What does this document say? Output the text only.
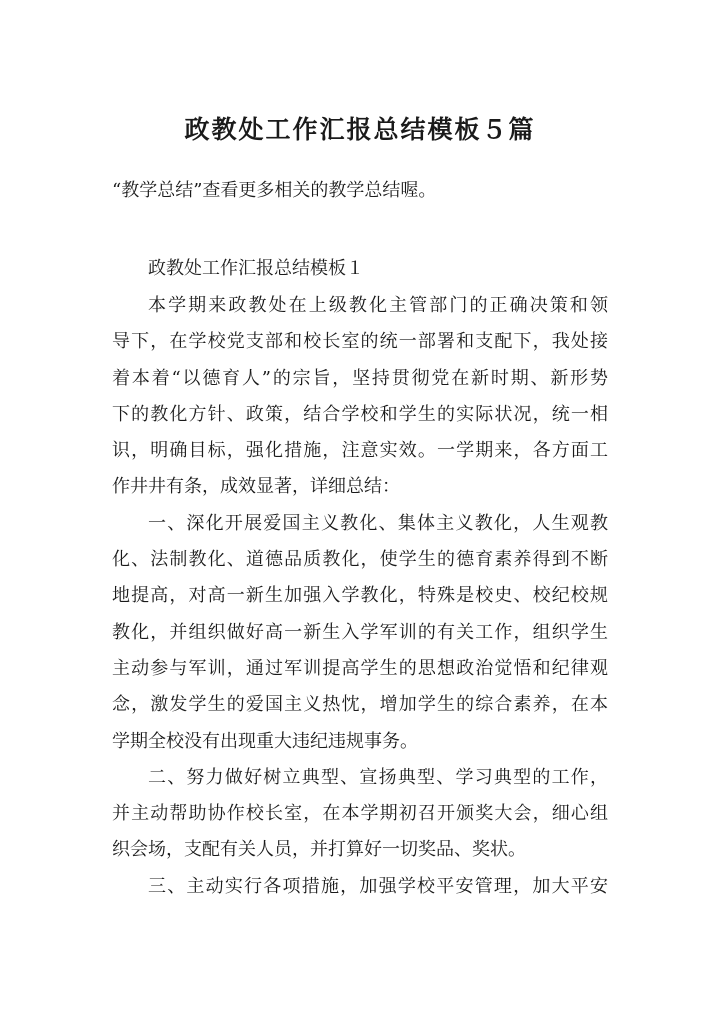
政教处工作汇报总结模板５篇

“教学总结”查看更多相关的教学总结喔。

政教处工作汇报总结模板１

本学期来政教处在上级教化主管部门的正确决策和领
导下，在学校党支部和校长室的统一部署和支配下，我处接
着本着“以德育人”的宗旨，坚持贯彻党在新时期、新形势
下的教化方针、政策，结合学校和学生的实际状况，统一相
识，明确目标，强化措施，注意实效。一学期来，各方面工
作井井有条，成效显著，详细总结：
一、深化开展爱国主义教化、集体主义教化，人生观教
化、法制教化、道德品质教化，使学生的德育素养得到不断
地提高，对高一新生加强入学教化，特殊是校史、校纪校规
教化，并组织做好高一新生入学军训的有关工作，组织学生
主动参与军训，通过军训提高学生的思想政治觉悟和纪律观
念，激发学生的爱国主义热忱，增加学生的综合素养，在本
学期全校没有出现重大违纪违规事务。
二、努力做好树立典型、宣扬典型、学习典型的工作，
并主动帮助协作校长室，在本学期初召开颁奖大会，细心组
织会场，支配有关人员，并打算好一切奖品、奖状。
三、主动实行各项措施，加强学校平安管理，加大平安
